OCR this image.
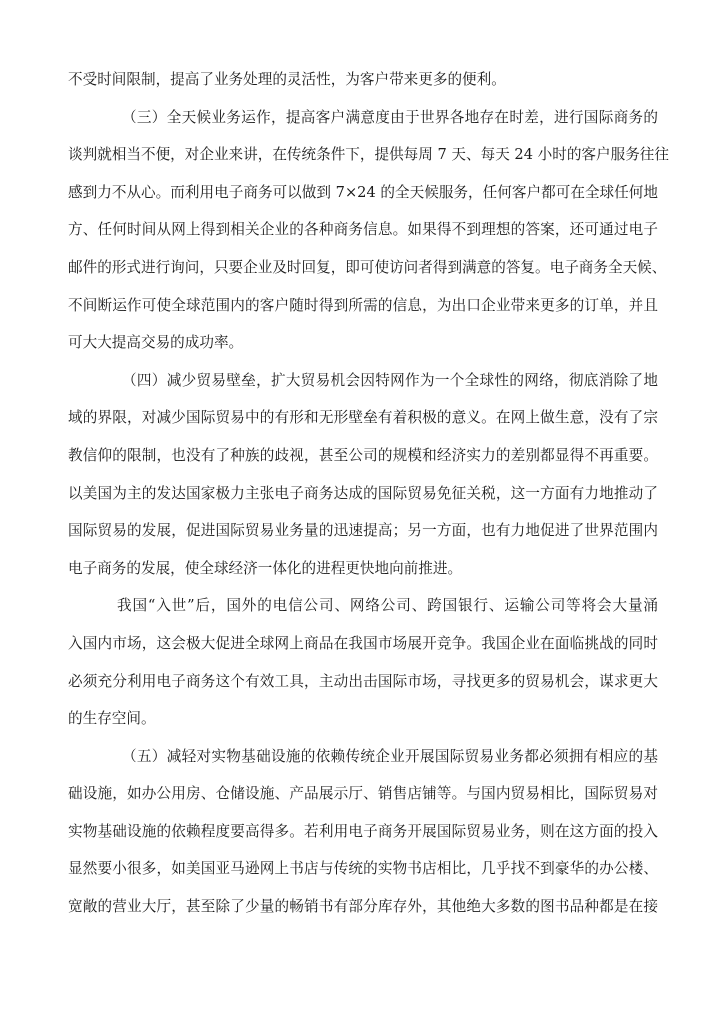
不受时间限制，提高了业务处理的灵活性，为客户带来更多的便利。
（三）全天候业务运作，提高客户满意度由于世界各地存在时差，进行国际商务的
谈判就相当不便，对企业来讲，在传统条件下，提供每周 7 天、每天 24 小时的客户服务往往
感到力不从心。而利用电子商务可以做到 7×24 的全天候服务，任何客户都可在全球任何地
方、任何时间从网上得到相关企业的各种商务信息。如果得不到理想的答案，还可通过电子
邮件的形式进行询问，只要企业及时回复，即可使访问者得到满意的答复。电子商务全天候、
不间断运作可使全球范围内的客户随时得到所需的信息，为出口企业带来更多的订单，并且
可大大提高交易的成功率。
（四）减少贸易壁垒，扩大贸易机会因特网作为一个全球性的网络，彻底消除了地
域的界限，对减少国际贸易中的有形和无形壁垒有着积极的意义。在网上做生意，没有了宗
教信仰的限制，也没有了种族的歧视，甚至公司的规模和经济实力的差别都显得不再重要。
以美国为主的发达国家极力主张电子商务达成的国际贸易免征关税，这一方面有力地推动了
国际贸易的发展，促进国际贸易业务量的迅速提高；另一方面，也有力地促进了世界范围内
电子商务的发展，使全球经济一体化的进程更快地向前推进。
我国“入世”后，国外的电信公司、网络公司、跨国银行、运输公司等将会大量涌
入国内市场，这会极大促进全球网上商品在我国市场展开竞争。我国企业在面临挑战的同时
必须充分利用电子商务这个有效工具，主动出击国际市场，寻找更多的贸易机会，谋求更大
的生存空间。
（五）减轻对实物基础设施的依赖传统企业开展国际贸易业务都必须拥有相应的基
础设施，如办公用房、仓储设施、产品展示厅、销售店铺等。与国内贸易相比，国际贸易对
实物基础设施的依赖程度要高得多。若利用电子商务开展国际贸易业务，则在这方面的投入
显然要小很多，如美国亚马逊网上书店与传统的实物书店相比，几乎找不到豪华的办公楼、
宽敞的营业大厅，甚至除了少量的畅销书有部分库存外，其他绝大多数的图书品种都是在接
